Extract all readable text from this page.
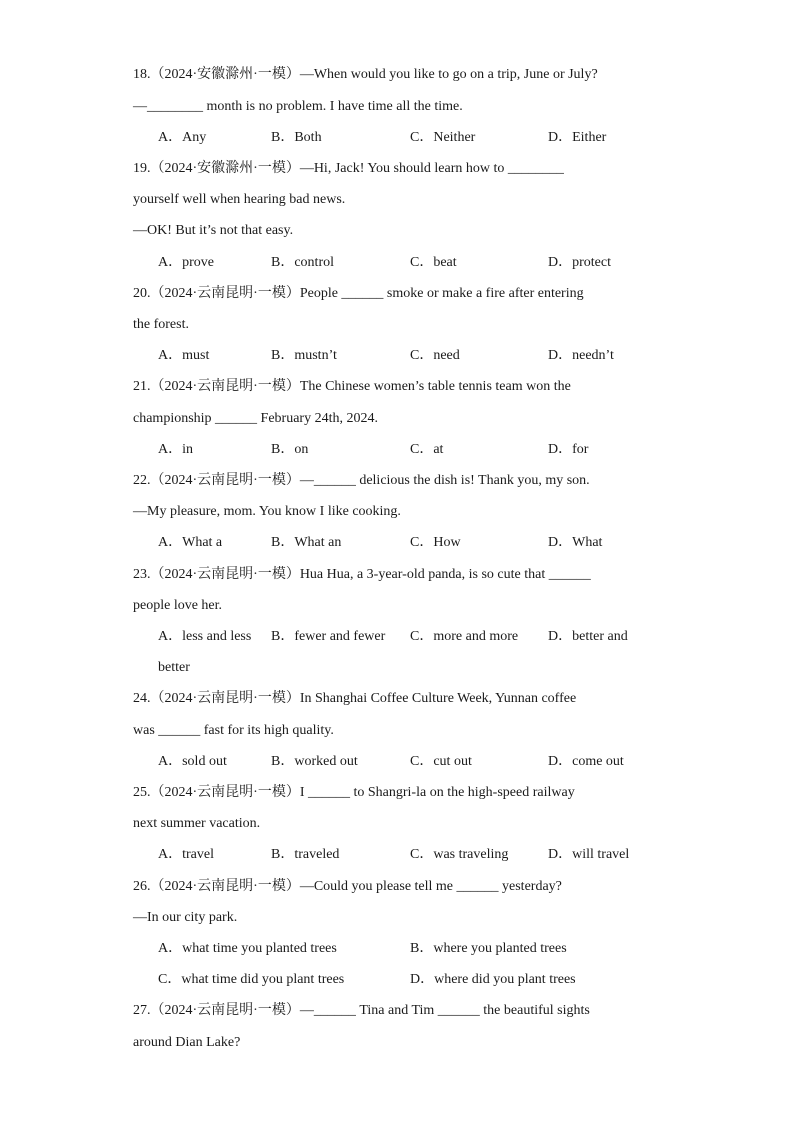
18.（2024·安徽滁州·一模）—When would you like to go on a trip, June or July?
—________ month is no problem. I have time all the time.
A．Any	B．Both	C．Neither	D．Either
19.（2024·安徽滁州·一模）—Hi, Jack! You should learn how to ________
yourself well when hearing bad news.
—OK! But it’s not that easy.
A．prove	B．control	C．beat	D．protect
20.（2024·云南昆明·一模）People ______ smoke or make a fire after entering
the forest.
A．must	B．mustn’t	C．need	D．needn’t
21.（2024·云南昆明·一模）The Chinese women’s table tennis team won the
championship ______ February 24th, 2024.
A．in	B．on	C．at	D．for
22.（2024·云南昆明·一模）—______ delicious the dish is! Thank you, my son.
—My pleasure, mom. You know I like cooking.
A．What a	B．What an	C．How	D．What
23.（2024·云南昆明·一模）Hua Hua, a 3-year-old panda, is so cute that ______
people love her.
A．less and less B．fewer and fewer C．more and more D．better and
better
24.（2024·云南昆明·一模）In Shanghai Coffee Culture Week, Yunnan coffee
was ______ fast for its high quality.
A．sold out	B．worked out	C．cut out	D．come out
25.（2024·云南昆明·一模）I ______ to Shangri-la on the high-speed railway
next summer vacation.
A．travel	B．traveled	C．was traveling	D．will travel
26.（2024·云南昆明·一模）—Could you please tell me ______ yesterday?
—In our city park.
A．what time you planted trees	B．where you planted trees
C．what time did you plant trees	D．where did you plant trees
27.（2024·云南昆明·一模）—______ Tina and Tim ______ the beautiful sights
around Dian Lake?
